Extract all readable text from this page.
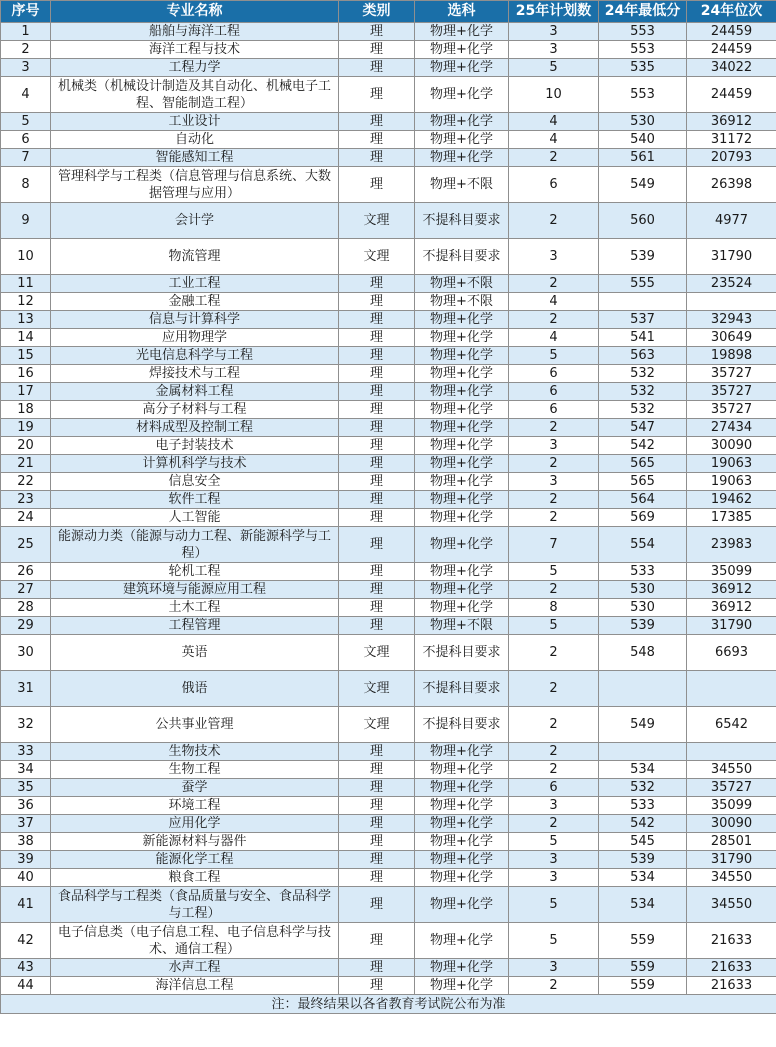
序号	专业名称	类别	选科	25年计划数	24年最低分	24年位次
1	船舶与海洋工程	理	物理+化学	3	553	24459
2	海洋工程与技术	理	物理+化学	3	553	24459
3	工程力学	理	物理+化学	5	535	34022
4	机械类（机械设计制造及其自动化、机械电子工程、智能制造工程）	理	物理+化学	10	553	24459
5	工业设计	理	物理+化学	4	530	36912
6	自动化	理	物理+化学	4	540	31172
7	智能感知工程	理	物理+化学	2	561	20793
8	管理科学与工程类（信息管理与信息系统、大数据管理与应用）	理	物理+不限	6	549	26398
9	会计学	文理	不提科目要求	2	560	4977
10	物流管理	文理	不提科目要求	3	539	31790
11	工业工程	理	物理+不限	2	555	23524
12	金融工程	理	物理+不限	4		
13	信息与计算科学	理	物理+化学	2	537	32943
14	应用物理学	理	物理+化学	4	541	30649
15	光电信息科学与工程	理	物理+化学	5	563	19898
16	焊接技术与工程	理	物理+化学	6	532	35727
17	金属材料工程	理	物理+化学	6	532	35727
18	高分子材料与工程	理	物理+化学	6	532	35727
19	材料成型及控制工程	理	物理+化学	2	547	27434
20	电子封装技术	理	物理+化学	3	542	30090
21	计算机科学与技术	理	物理+化学	2	565	19063
22	信息安全	理	物理+化学	3	565	19063
23	软件工程	理	物理+化学	2	564	19462
24	人工智能	理	物理+化学	2	569	17385
25	能源动力类（能源与动力工程、新能源科学与工程）	理	物理+化学	7	554	23983
26	轮机工程	理	物理+化学	5	533	35099
27	建筑环境与能源应用工程	理	物理+化学	2	530	36912
28	土木工程	理	物理+化学	8	530	36912
29	工程管理	理	物理+不限	5	539	31790
30	英语	文理	不提科目要求	2	548	6693
31	俄语	文理	不提科目要求	2		
32	公共事业管理	文理	不提科目要求	2	549	6542
33	生物技术	理	物理+化学	2		
34	生物工程	理	物理+化学	2	534	34550
35	蚕学	理	物理+化学	6	532	35727
36	环境工程	理	物理+化学	3	533	35099
37	应用化学	理	物理+化学	2	542	30090
38	新能源材料与器件	理	物理+化学	5	545	28501
39	能源化学工程	理	物理+化学	3	539	31790
40	粮食工程	理	物理+化学	3	534	34550
41	食品科学与工程类（食品质量与安全、食品科学与工程）	理	物理+化学	5	534	34550
42	电子信息类（电子信息工程、电子信息科学与技术、通信工程）	理	物理+化学	5	559	21633
43	水声工程	理	物理+化学	3	559	21633
44	海洋信息工程	理	物理+化学	2	559	21633
注：最终结果以各省教育考试院公布为准						
